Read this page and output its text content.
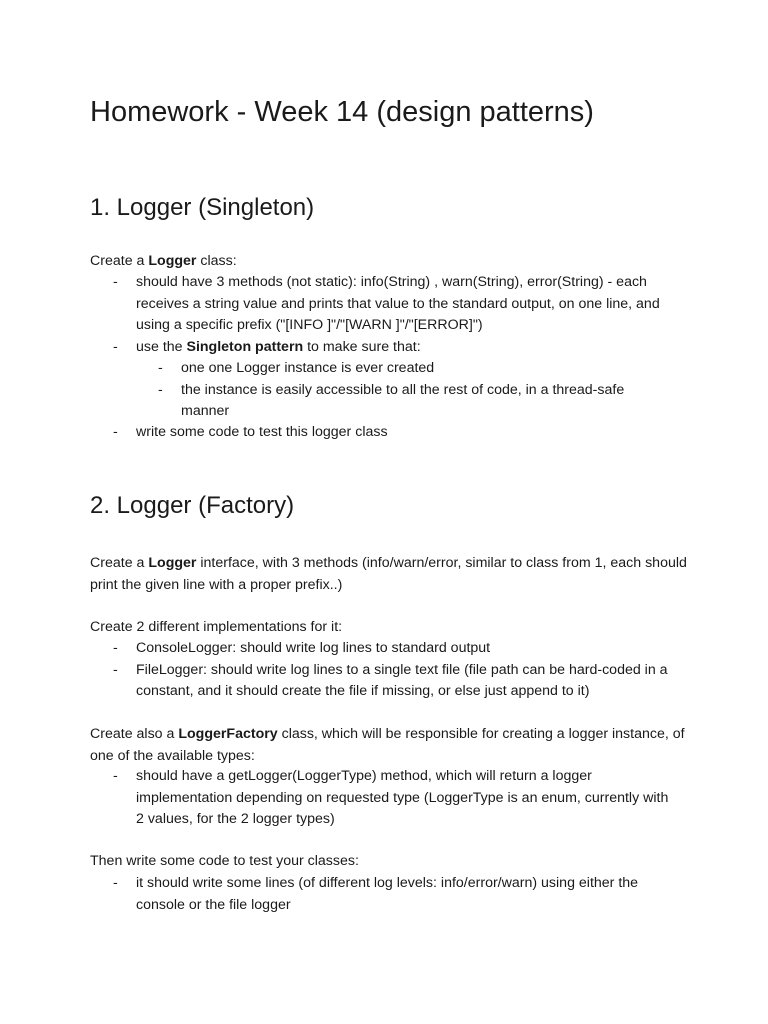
Homework - Week 14 (design patterns)
1. Logger (Singleton)

Create a Logger class:

- should have 3 methods (not static): info(String) , warn(String), error(String) - each receives a string value and prints that value to the standard output, on one line, and using a specific prefix ("[INFO ]"/"[WARN ]"/"[ERROR]")
- use the Singleton pattern to make sure that:
- one one Logger instance is ever created
- the instance is easily accessible to all the rest of code, in a thread-safe manner
- write some code to test this logger class
2. Logger (Factory)

Create a Logger interface, with 3 methods (info/warn/error, similar to class from 1, each should print the given line with a proper prefix..)

Create 2 different implementations for it:

- ConsoleLogger: should write log lines to standard output
- FileLogger: should write log lines to a single text file (file path can be hard-coded in a constant, and it should create the file if missing, or else just append to it)

Create also a LoggerFactory class, which will be responsible for creating a logger instance, of one of the available types:

- should have a getLogger(LoggerType) method, which will return a logger implementation depending on requested type (LoggerType is an enum, currently with 2 values, for the 2 logger types)

Then write some code to test your classes:

- it should write some lines (of different log levels: info/error/warn) using either the console or the file logger
